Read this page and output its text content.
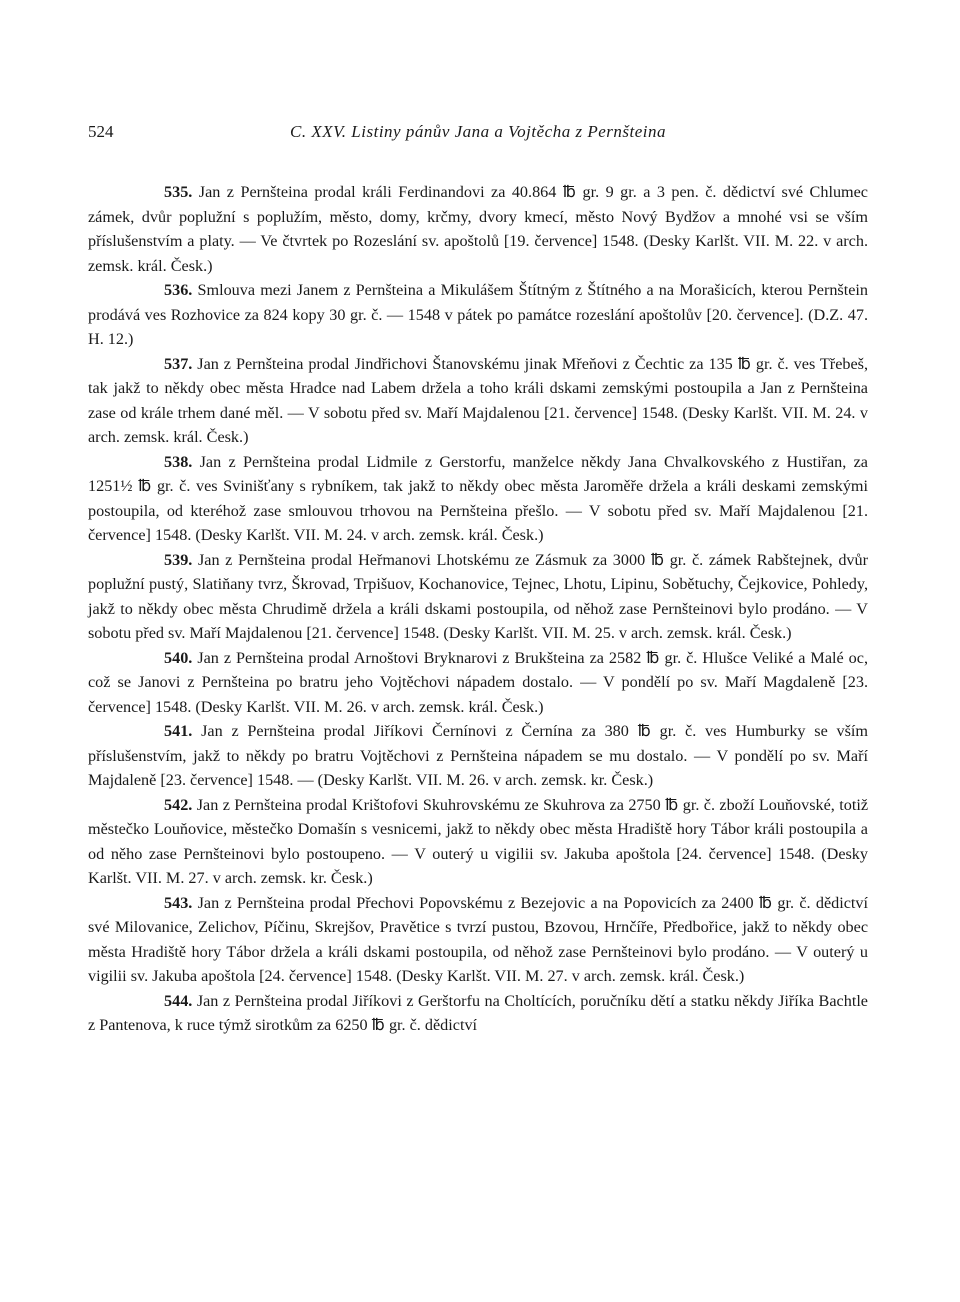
524	C. XXV. Listiny pánův Jana a Vojtěcha z Pernšteina

535. Jan z Pernšteina prodal králi Ferdinandovi za 40.864 ℔ gr. 9 gr. a 3 pen. č. dědictví své Chlumec zámek, dvůr poplužní s poplužím, město, domy, krčmy, dvory kmecí, město Nový Bydžov a mnohé vsi se vším příslušenstvím a platy. — Ve čtvrtek po Rozeslání sv. apoštolů [19. července] 1548. (Desky Karlšt. VII. M. 22. v arch. zemsk. král. Česk.)

536. Smlouva mezi Janem z Pernšteina a Mikulášem Štítným z Štítného a na Morašicích, kterou Pernštein prodává ves Rozhovice za 824 kopy 30 gr. č. — 1548 v pátek po památce rozeslání apoštolův [20. července]. (D.Z. 47. H. 12.)

537. Jan z Pernšteina prodal Jindřichovi Štanovskému jinak Mřeňovi z Čechtic za 135 ℔ gr. č. ves Třebeš, tak jakž to někdy obec města Hradce nad Labem držela a toho králi dskami zemskými postoupila a Jan z Pernšteina zase od krále trhem dané měl. — V sobotu před sv. Maří Majdalenou [21. července] 1548. (Desky Karlšt. VII. M. 24. v arch. zemsk. král. Česk.)

538. Jan z Pernšteina prodal Lidmile z Gerstorfu, manželce někdy Jana Chvalkovského z Hustiřan, za 1251½ ℔ gr. č. ves Svinišťany s rybníkem, tak jakž to někdy obec města Jaroměře držela a králi deskami zemskými postoupila, od kteréhož zase smlouvou trhovou na Pernšteina přešlo. — V sobotu před sv. Maří Majdalenou [21. července] 1548. (Desky Karlšt. VII. M. 24. v arch. zemsk. král. Česk.)

539. Jan z Pernšteina prodal Heřmanovi Lhotskému ze Zásmuk za 3000 ℔ gr. č. zámek Rabštejnek, dvůr poplužní pustý, Slatiňany tvrz, Škrovad, Trpišuov, Kochanovice, Tejnec, Lhotu, Lipinu, Sobětuchy, Čejkovice, Pohledy, jakž to někdy obec města Chrudimě držela a králi dskami postoupila, od něhož zase Pernšteinovi bylo prodáno. — V sobotu před sv. Maří Majdalenou [21. července] 1548. (Desky Karlšt. VII. M. 25. v arch. zemsk. král. Česk.)

540. Jan z Pernšteina prodal Arnoštovi Bryknarovi z Brukšteina za 2582 ℔ gr. č. Hlušce Veliké a Malé oc, což se Janovi z Pernšteina po bratru jeho Vojtěchovi nápadem dostalo. — V pondělí po sv. Maří Magdaleně [23. července] 1548. (Desky Karlšt. VII. M. 26. v arch. zemsk. král. Česk.)

541. Jan z Pernšteina prodal Jiříkovi Černínovi z Černína za 380 ℔ gr. č. ves Humburky se vším příslušenstvím, jakž to někdy po bratru Vojtěchovi z Pernšteina nápadem se mu dostalo. — V pondělí po sv. Maří Majdaleně [23. července] 1548. — (Desky Karlšt. VII. M. 26. v arch. zemsk. kr. Česk.)

542. Jan z Pernšteina prodal Krištofovi Skuhrovskému ze Skuhrova za 2750 ℔ gr. č. zboží Louňovské, totiž městečko Louňovice, městečko Domašín s vesnicemi, jakž to někdy obec města Hradiště hory Tábor králi postoupila a od něho zase Pernšteinovi bylo postoupeno. — V outerý u vigilii sv. Jakuba apoštola [24. července] 1548. (Desky Karlšt. VII. M. 27. v arch. zemsk. kr. Česk.)

543. Jan z Pernšteina prodal Přechovi Popovskému z Bezejovic a na Popovicích za 2400 ℔ gr. č. dědictví své Milovanice, Zelichov, Píčinu, Skrejšov, Pravětice s tvrzí pustou, Bzovou, Hrnčíře, Předbořice, jakž to někdy obec města Hradiště hory Tábor držela a králi dskami postoupila, od něhož zase Pernšteinovi bylo prodáno. — V outerý u vigilii sv. Jakuba apoštola [24. července] 1548. (Desky Karlšt. VII. M. 27. v arch. zemsk. král. Česk.)

544. Jan z Pernšteina prodal Jiříkovi z Gerštorfu na Choltících, poručníku dětí a statku někdy Jiříka Bachtle z Pantenova, k ruce týmž sirotkům za 6250 ℔ gr. č. dědictví
